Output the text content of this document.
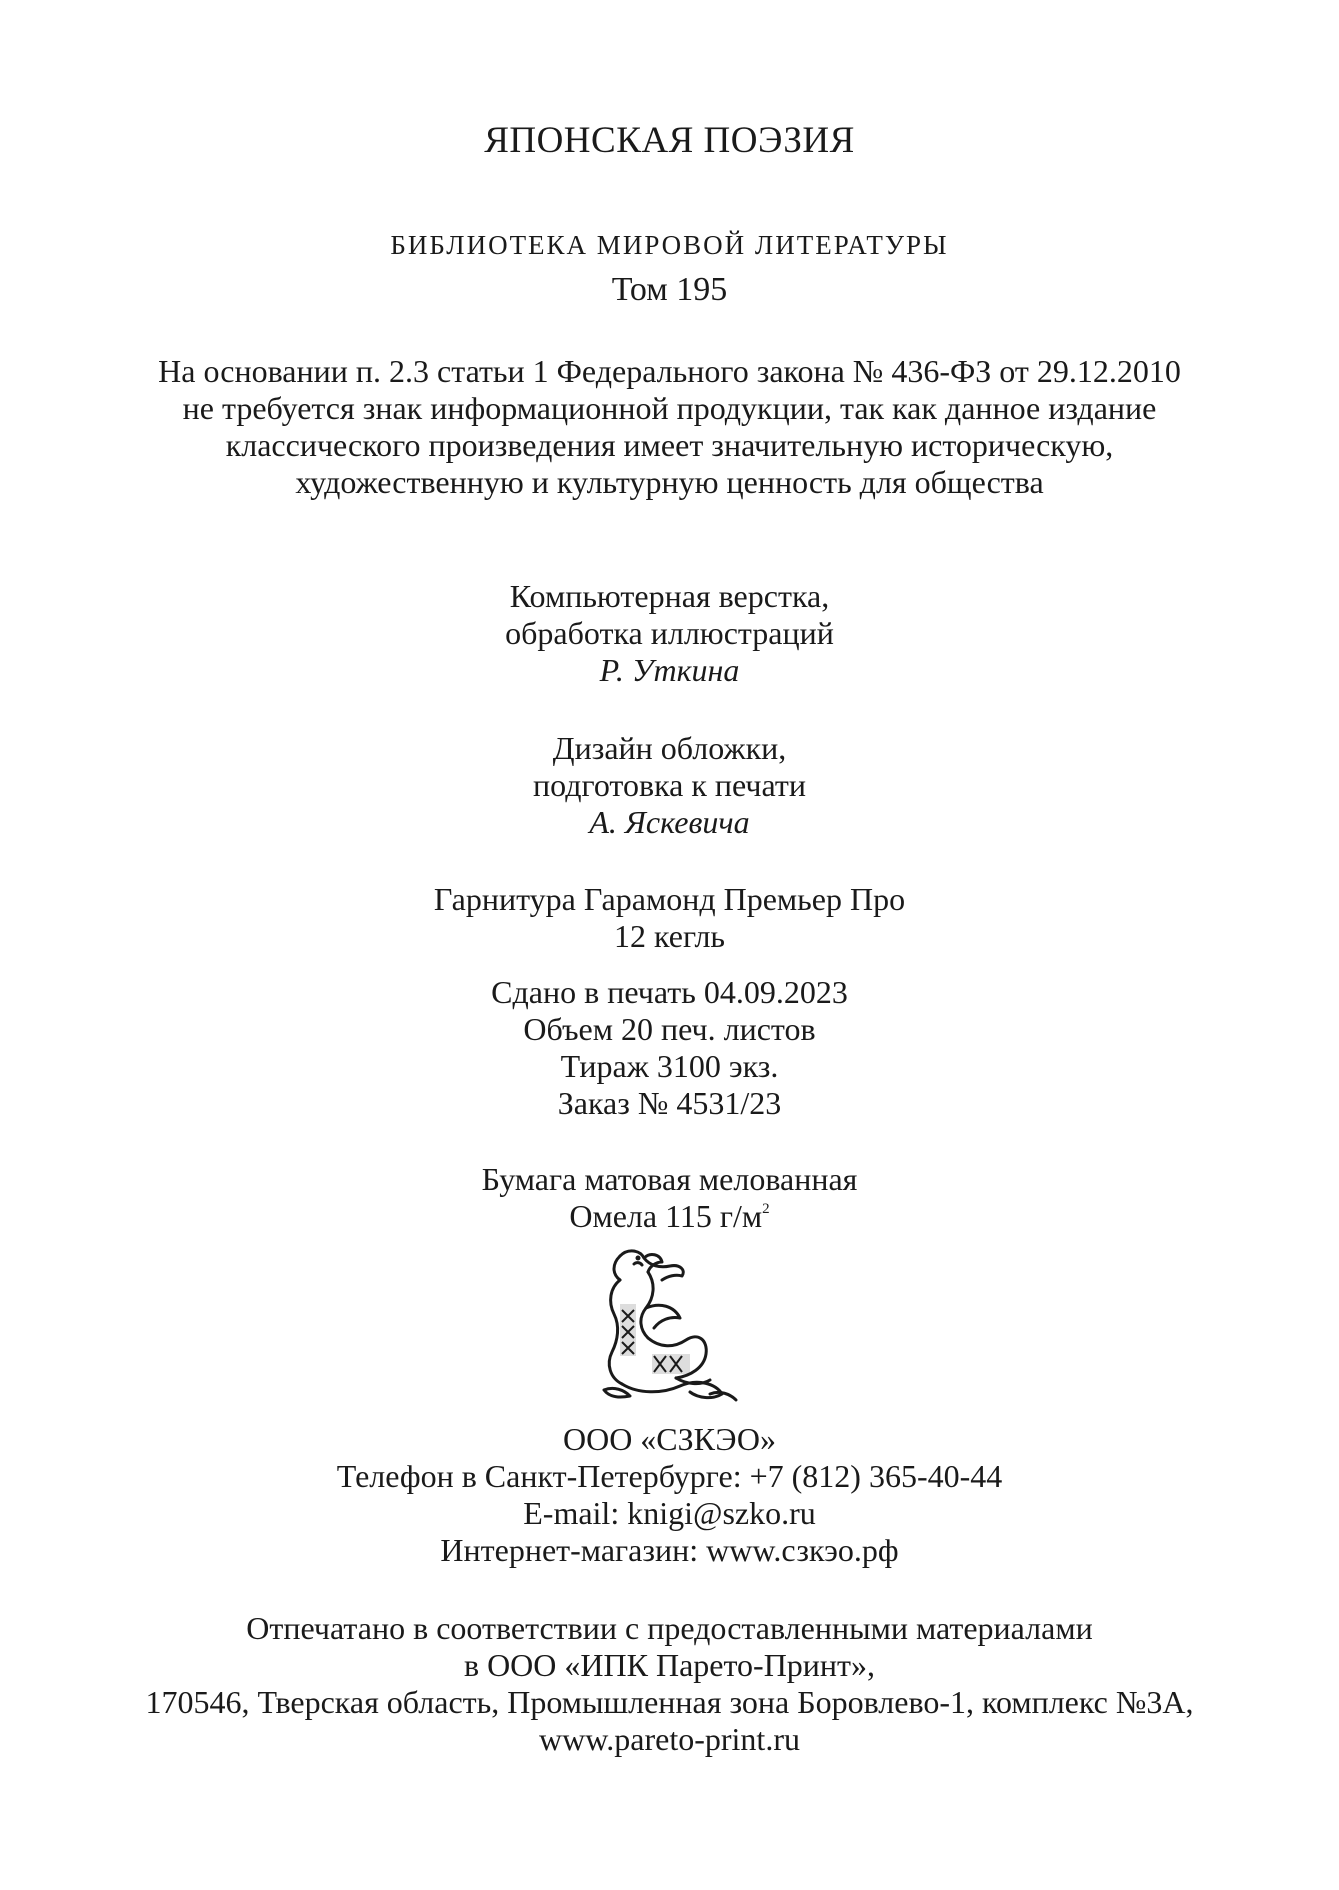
ЯПОНСКАЯ ПОЭЗИЯ
БИБЛИОТЕКА МИРОВОЙ ЛИТЕРАТУРЫ
Том 195
На основании п. 2.3 статьи 1 Федерального закона № 436-ФЗ от 29.12.2010
не требуется знак информационной продукции, так как данное издание
классического произведения имеет значительную историческую,
художественную и культурную ценность для общества
Компьютерная верстка,
обработка иллюстраций
Р. Уткина
Дизайн обложки,
подготовка к печати
А. Яскевича
Гарнитура Гарамонд Премьер Про
12 кегль
Сдано в печать 04.09.2023
Объем 20 печ. листов
Тираж 3100 экз.
Заказ № 4531/23
Бумага матовая мелованная
Омела 115 $г/м^2$
ООО «СЗКЭО»
Телефон в Санкт-Петербурге: +7 (812) 365-40-44
E-mail: knigi@szko.ru
Интернет-магазин: www.сзкэо.рф
Отпечатано в соответствии с предоставленными материалами
в ООО «ИПК Парето-Принт»,
170546, Тверская область, Промышленная зона Боровлево-1, комплекс №3А,
www.pareto-print.ru
